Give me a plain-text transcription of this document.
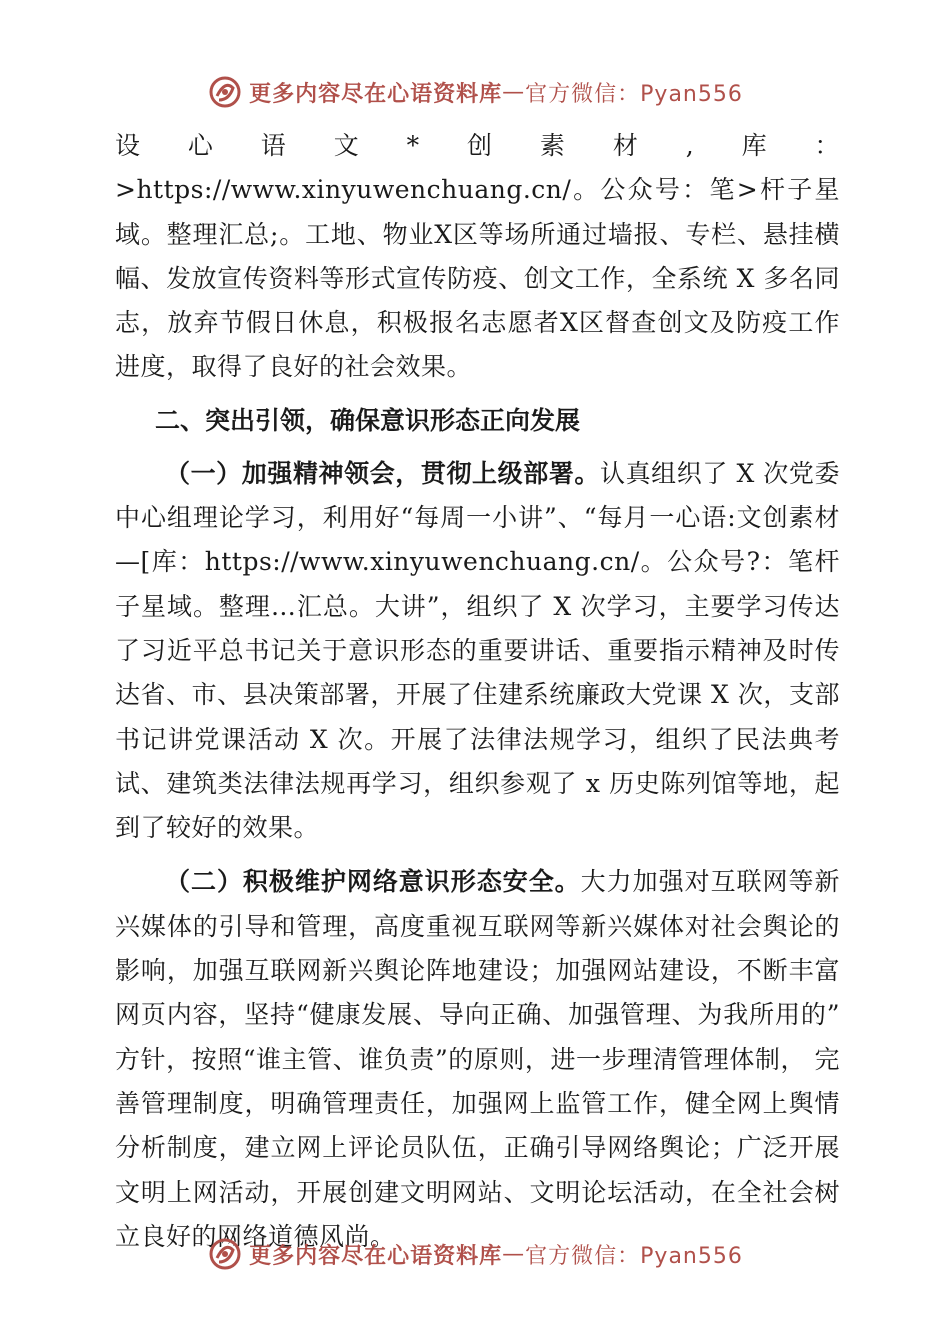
更多内容尽在心语资料库 — 官方微信：Pyan556

设心语文*创素材,库：>https://www.xinyuwenchuang.cn/。公众号：笔>杆子星域。整理汇总;。工地、物业X区等场所通过墙报、专栏、悬挂横幅、发放宣传资料等形式宣传防疫、创文工作，全系统 X 多名同志，放弃节假日休息，积极报名志愿者X区督查创文及防疫工作进度，取得了良好的社会效果。

二、突出引领，确保意识形态正向发展

（一）加强精神领会，贯彻上级部署。认真组织了 X 次党委中心组理论学习，利用好“每周一小讲”、“每月一心语:文创素材—[库：https://www.xinyuwenchuang.cn/。公众号?：笔杆子星域。整理…汇总。大讲”，组织了 X 次学习，主要学习传达了习近平总书记关于意识形态的重要讲话、重要指示精神及时传达省、市、县决策部署，开展了住建系统廉政大党课 X 次，支部书记讲党课活动 X 次。开展了法律法规学习，组织了民法典考试、建筑类法律法规再学习，组织参观了 x 历史陈列馆等地，起到了较好的效果。

（二）积极维护网络意识形态安全。大力加强对互联网等新兴媒体的引导和管理，高度重视互联网等新兴媒体对社会舆论的影响，加强互联网新兴舆论阵地建设；加强网站建设，不断丰富网页内容，坚持“健康发展、导向正确、加强管理、为我所用的” 方针，按照“谁主管、谁负责”的原则，进一步理清管理体制， 完善管理制度，明确管理责任，加强网上监管工作，健全网上舆情分析制度，建立网上评论员队伍，正确引导网络舆论；广泛开展文明上网活动，开展创建文明网站、文明论坛活动，在全社会树立良好的网络道德风尚。

更多内容尽在心语资料库 — 官方微信：Pyan556
